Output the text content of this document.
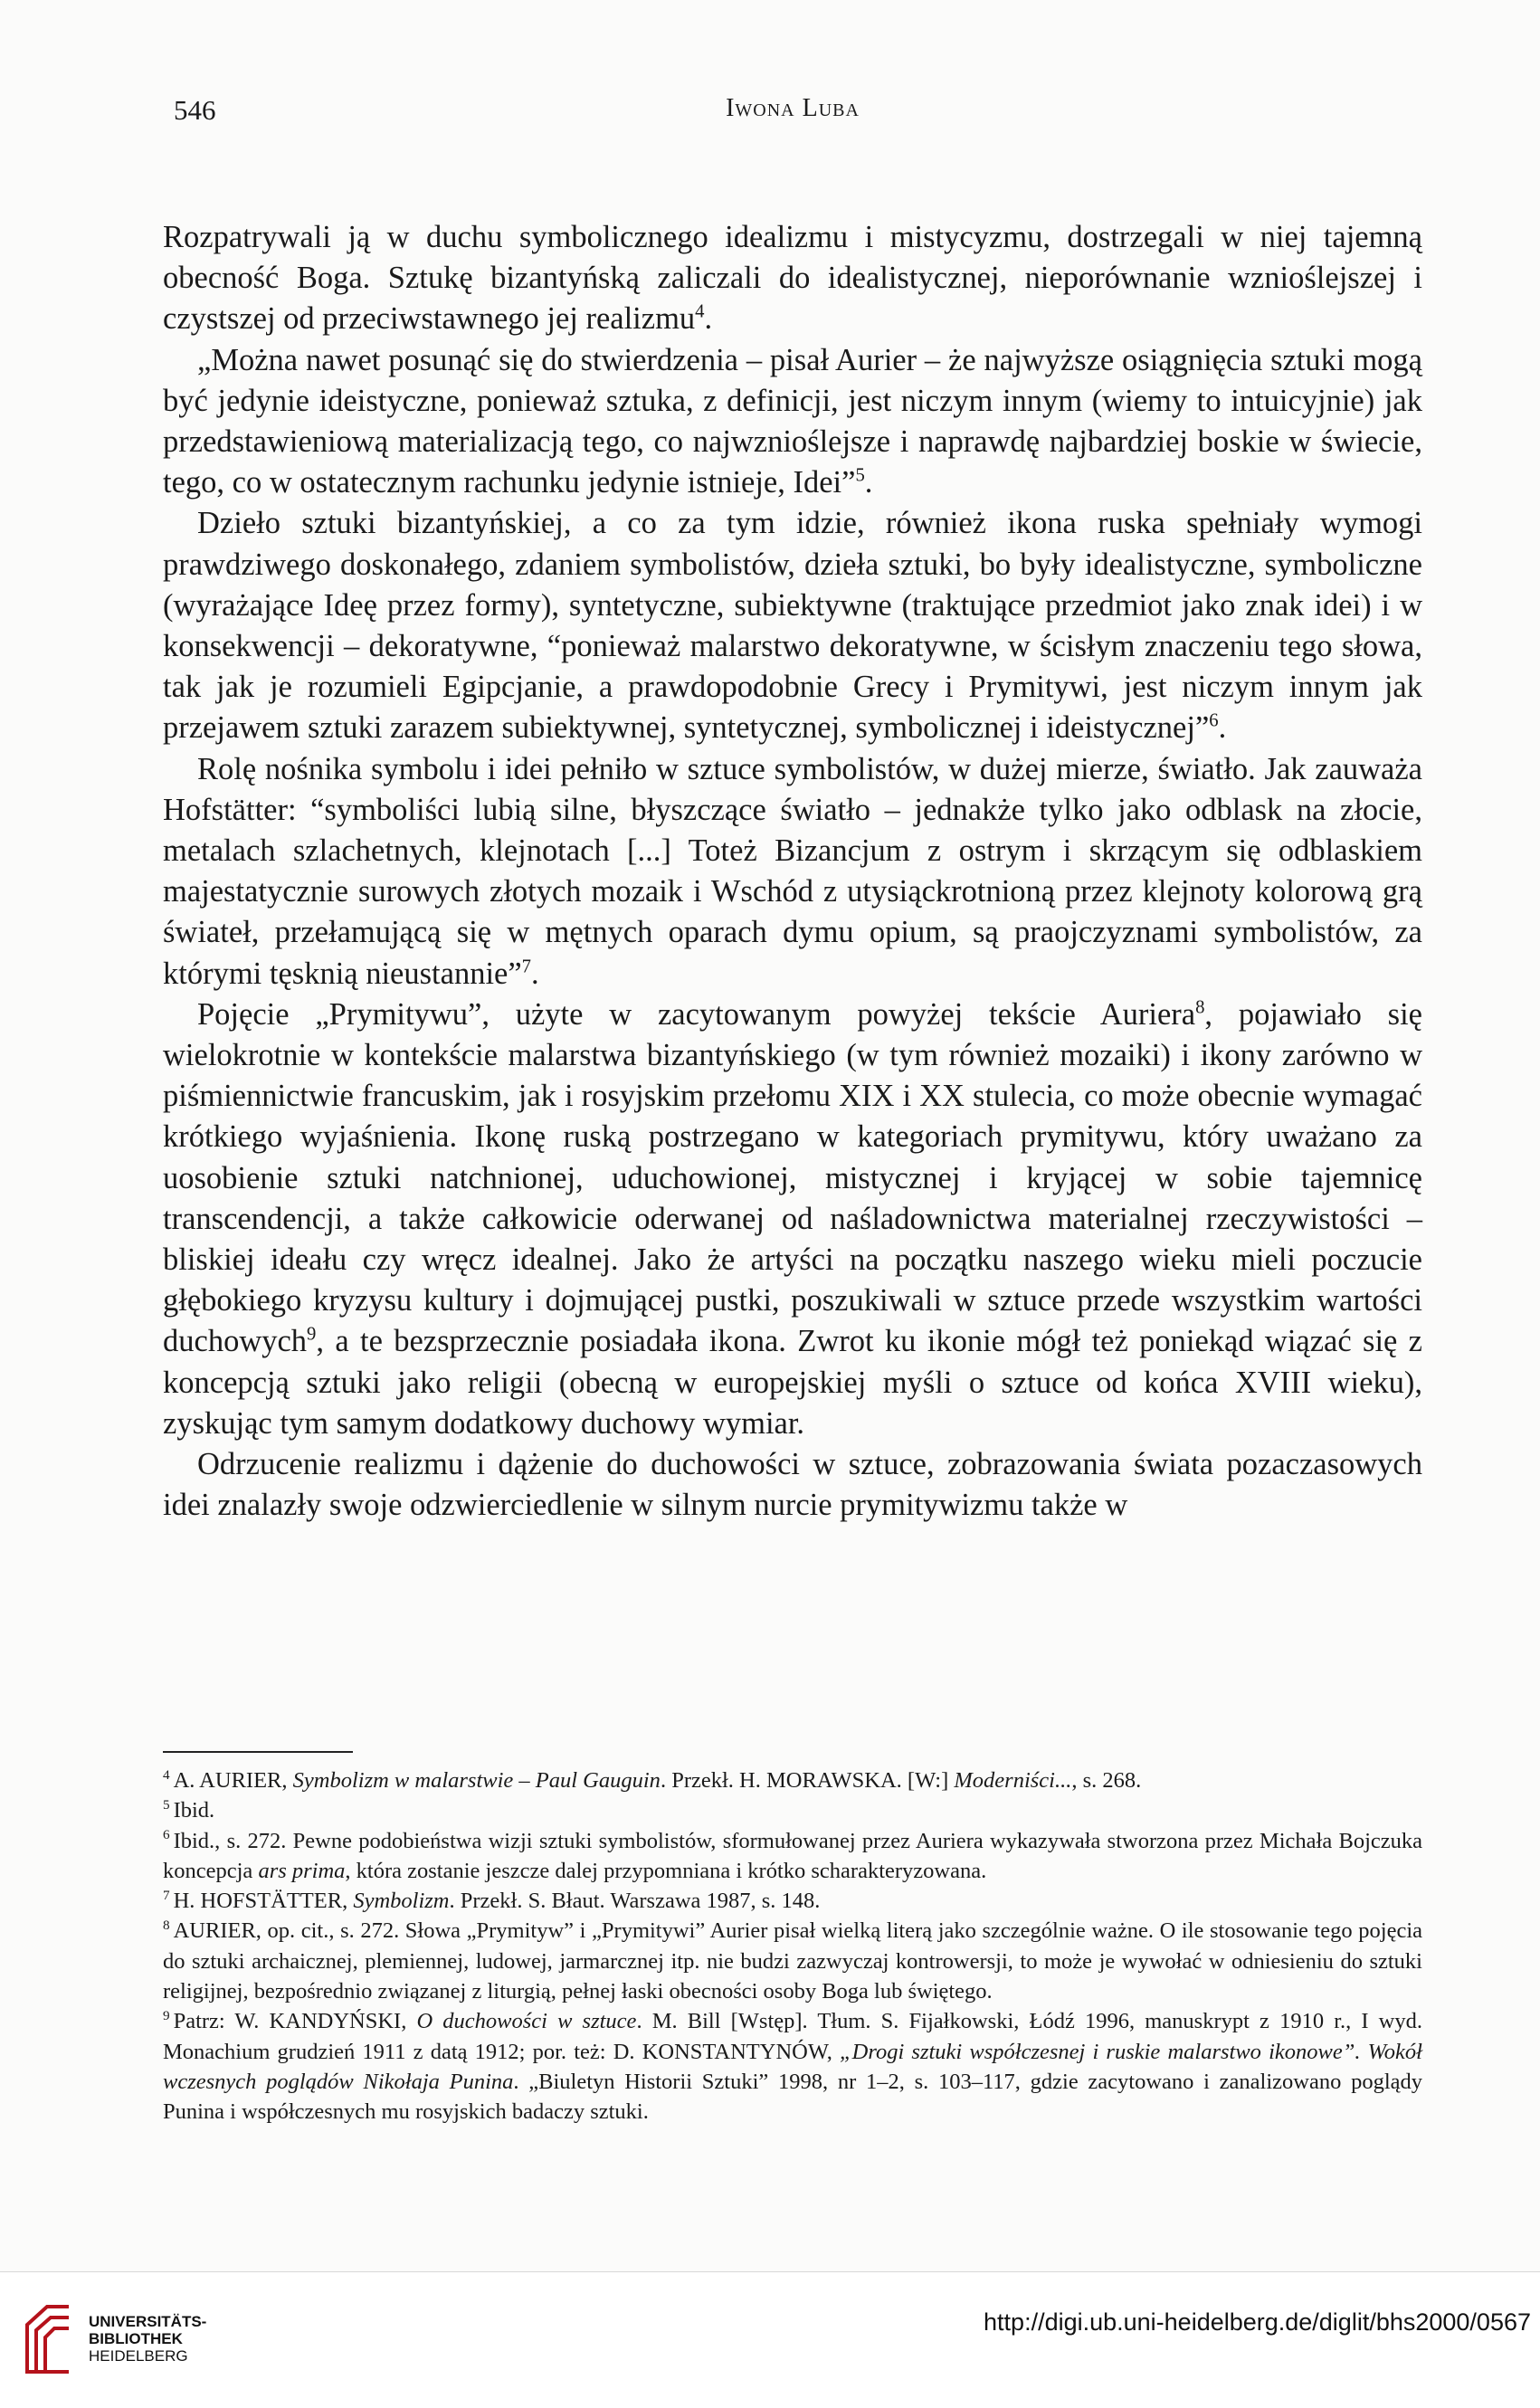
546	Iwona Luba

Rozpatrywali ją w duchu symbolicznego idealizmu i mistycyzmu, dostrzegali w niej tajemną obecność Boga. Sztukę bizantyńską zaliczali do idealistycznej, nieporównanie wznioślejszej i czystszej od przeciwstawnego jej realizmu$^4$.

„Można nawet posunąć się do stwierdzenia – pisał Aurier – że najwyższe osiągnięcia sztuki mogą być jedynie ideistyczne, ponieważ sztuka, z definicji, jest niczym innym (wiemy to intuicyjnie) jak przedstawieniową materializacją tego, co najwznioślejsze i naprawdę najbardziej boskie w świecie, tego, co w ostatecznym rachunku jedynie istnieje, Idei”$^5$.

Dzieło sztuki bizantyńskiej, a co za tym idzie, również ikona ruska spełniały wymogi prawdziwego doskonałego, zdaniem symbolistów, dzieła sztuki, bo były idealistyczne, symboliczne (wyrażające Ideę przez formy), syntetyczne, subiektywne (traktujące przedmiot jako znak idei) i w konsekwencji – dekoratywne, “ponieważ malarstwo dekoratywne, w ścisłym znaczeniu tego słowa, tak jak je rozumieli Egipcjanie, a prawdopodobnie Grecy i Prymitywi, jest niczym innym jak przejawem sztuki zarazem subiektywnej, syntetycznej, symbolicznej i ideistycznej”$^6$.

Rolę nośnika symbolu i idei pełniło w sztuce symbolistów, w dużej mierze, światło. Jak zauważa Hofstätter: “symboliści lubią silne, błyszczące światło – jednakże tylko jako odblask na złocie, metalach szlachetnych, klejnotach [...] Toteż Bizancjum z ostrym i skrzącym się odblaskiem majestatycznie surowych złotych mozaik i Wschód z utysiąckrotnioną przez klejnoty kolorową grą świateł, przełamującą się w mętnych oparach dymu opium, są praojczyznami symbolistów, za którymi tęsknią nieustannie”$^7$.

Pojęcie „Prymitywu”, użyte w zacytowanym powyżej tekście Auriera$^8$, pojawiało się wielokrotnie w kontekście malarstwa bizantyńskiego (w tym również mozaiki) i ikony zarówno w piśmiennictwie francuskim, jak i rosyjskim przełomu XIX i XX stulecia, co może obecnie wymagać krótkiego wyjaśnienia. Ikonę ruską postrzegano w kategoriach prymitywu, który uważano za uosobienie sztuki natchnionej, uduchowionej, mistycznej i kryjącej w sobie tajemnicę transcendencji, a także całkowicie oderwanej od naśladownictwa materialnej rzeczywistości – bliskiej ideału czy wręcz idealnej. Jako że artyści na początku naszego wieku mieli poczucie głębokiego kryzysu kultury i dojmującej pustki, poszukiwali w sztuce przede wszystkim wartości duchowych$^9$, a te bezsprzecznie posiadała ikona. Zwrot ku ikonie mógł też poniekąd wiązać się z koncepcją sztuki jako religii (obecną w europejskiej myśli o sztuce od końca XVIII wieku), zyskując tym samym dodatkowy duchowy wymiar.

Odrzucenie realizmu i dążenie do duchowości w sztuce, zobrazowania świata pozaczasowych idei znalazły swoje odzwierciedlenie w silnym nurcie prymitywizmu także w

$^4$ A. AURIER, Symbolizm w malarstwie – Paul Gauguin. Przekł. H. MORAWSKA. [W:] Moderniści..., s. 268.

$^5$ Ibid.

$^6$ Ibid., s. 272. Pewne podobieństwa wizji sztuki symbolistów, sformułowanej przez Auriera wykazywała stworzona przez Michała Bojczuka koncepcja ars prima, która zostanie jeszcze dalej przypomniana i krótko scharakteryzowana.

$^7$ H. HOFSTÄTTER, Symbolizm. Przekł. S. Błaut. Warszawa 1987, s. 148.

$^8$ AURIER, op. cit., s. 272. Słowa „Prymityw” i „Prymitywi” Aurier pisał wielką literą jako szczególnie ważne. O ile stosowanie tego pojęcia do sztuki archaicznej, plemiennej, ludowej, jarmarcznej itp. nie budzi zazwyczaj kontrowersji, to może je wywołać w odniesieniu do sztuki religijnej, bezpośrednio związanej z liturgią, pełnej łaski obecności osoby Boga lub świętego.

$^9$ Patrz: W. KANDYŃSKI, O duchowości w sztuce. M. Bill [Wstęp]. Tłum. S. Fijałkowski, Łódź 1996, manuskrypt z 1910 r., I wyd. Monachium grudzień 1911 z datą 1912; por. też: D. KONSTANTYNÓW, „Drogi sztuki współczesnej i ruskie malarstwo ikonowe”. Wokół wczesnych poglądów Nikołaja Punina. „Biuletyn Historii Sztuki” 1998, nr 1–2, s. 103–117, gdzie zacytowano i zanalizowano poglądy Punina i współczesnych mu rosyjskich badaczy sztuki.

UNIVERSITÄTS-
BIBLIOTHEK
HEIDELBERG
http://digi.ub.uni-heidelberg.de/diglit/bhs2000/0567
